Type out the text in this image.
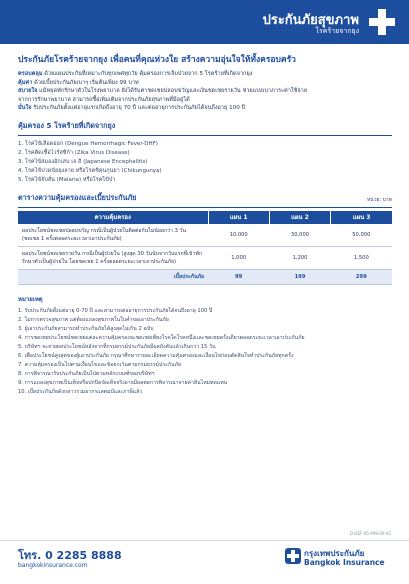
ประกันภัยสุขภาพ
โรคร้ายจากยุง
ประกันภัยโรคร้ายจากยุง เพื่อคนที่คุณห่วงใย สร้างความอุ่นใจให้ทั้งครอบครัว
ครอบคลุม ด้วยแผนประกันที่เหมาะกับทุกเพศทุกวัย คุ้มครองการเจ็บป่วยจาก 5 โรคร้ายที่เกิดจากยุง
คุ้มค่า ด้วยเบี้ยประกันภัยเบาๆ เริ่มต้นเพียง 99 บาท
สบายใจ แม้หยุดพักรักษาตัวในโรงพยาบาล ยังได้รับค่าชดเชยปลอบขวัญและเงินชดเชยรายวัน ช่วยแบ่งเบาภาระค่าใช้จ่าย
จากการรักษาพยาบาล สามารถซื้อเพิ่มเติมจากประกันภัยสุขภาพที่มีอยู่ได้
มั่นใจ รับประกันภัยตั้งแต่อายุแรกเกิดถึงอายุ 70 ปี และต่ออายุการประกันภัยได้จนถึงอายุ 100 ปี
คุ้มครอง 5 โรคร้ายที่เกิดจากยุง
1. โรคไข้เลือดออก (Dengue Hemorrhagic Fever-DHF)
2. โรคติดเชื้อไวรัสซิก้า (Zika Virus Disease)
3. โรคไข้สมองอักเสบ เจ อี (Japanese Encephalitis)
4. โรคไข้ปวดข้อยุงลาย หรือโรคชิคุนกุนยา (Chikungunya)
5. โรคไข้จับสั่น (Malaria) หรือโรคไข้ป่า
ตารางความคุ้มครองและเบี้ยประกันภัย	หน่วย: บาท
ความคุ้มครอง	แผน 1	แผน 2	แผน 3
ผลประโยชน์ชดเชยปลอบขวัญ กรณีเป็นผู้ป่วยในติดต่อกันไม่น้อยกว่า 3 วัน (ชดเชย 1 ครั้งตลอดระยะเวลาเอาประกันภัย)	10,000	30,000	50,000
ผลประโยชน์ชดเชยรายวัน กรณีเป็นผู้ป่วยใน (สูงสุด 30 วันนับจากวันแรกที่เข้าพักรักษาตัวเป็นผู้ป่วยใน โดยชดเชย 1 ครั้งตลอดระยะเวลาเอาประกันภัย)	1,000	1,200	1,500
เบี้ยประกันภัย	99	199	299
หมายเหตุ
1. รับประกันภัยตั้งแต่อายุ 0-70 ปี และสามารถต่ออายุการประกันภัยได้จนถึงอายุ 100 ปี
2. ไม่การตรวจสุขภาพ แต่ต้องแถลงสุขภาพในใบคำขอเอาประกันภัย
3. ผู้เอาประกันภัยสามารถทำประกันภัยได้สูงสุดไม่เกิน 2 ฉบับ
4. การชดเชยประโยชน์ชดเชยแต่ละความคุ้มครองจะชดเชยเพียงโรคใดโรคหนึ่งและชดเชยครั้งเดียวตลอดระยะเวลาเอาประกันภัย
5. บริษัทฯ จะจ่ายผลประโยชน์หลังจากที่กรมธรรม์ประกันภัยมีผลบังคับแล้วเกินกว่า 15 วัน
6. เพื่อประโยชน์สูงสุดของผู้เอาประกันภัย กรุณาศึกษารายละเอียดความคุ้มครองและเงื่อนไขก่อนตัดสินใจทำประกันภัยทุกครั้ง
7. ความคุ้มครองเป็นไปตามเงื่อนไขและข้อยกเว้นตามกรมธรรม์ประกันภัย
8. การพิจารณารับประกันภัยเป็นไปตามหลักเกณฑ์ของบริษัทฯ
9. การแถลงสุขภาพเป็นเท็จหรือปกปิดข้อเท็จจริงอาจมีผลต่อการพิจารณาจ่ายค่าสินไหมทดแทน
10. เบี้ยประกันภัยดังกล่าวรวมอากรแสตมป์และภาษีแล้ว
D-DEF-05-999-00-02
โทร. 0 2285 8888
bangkokinsurance.com
กรุงเทพประกันภัย
Bangkok Insurance
